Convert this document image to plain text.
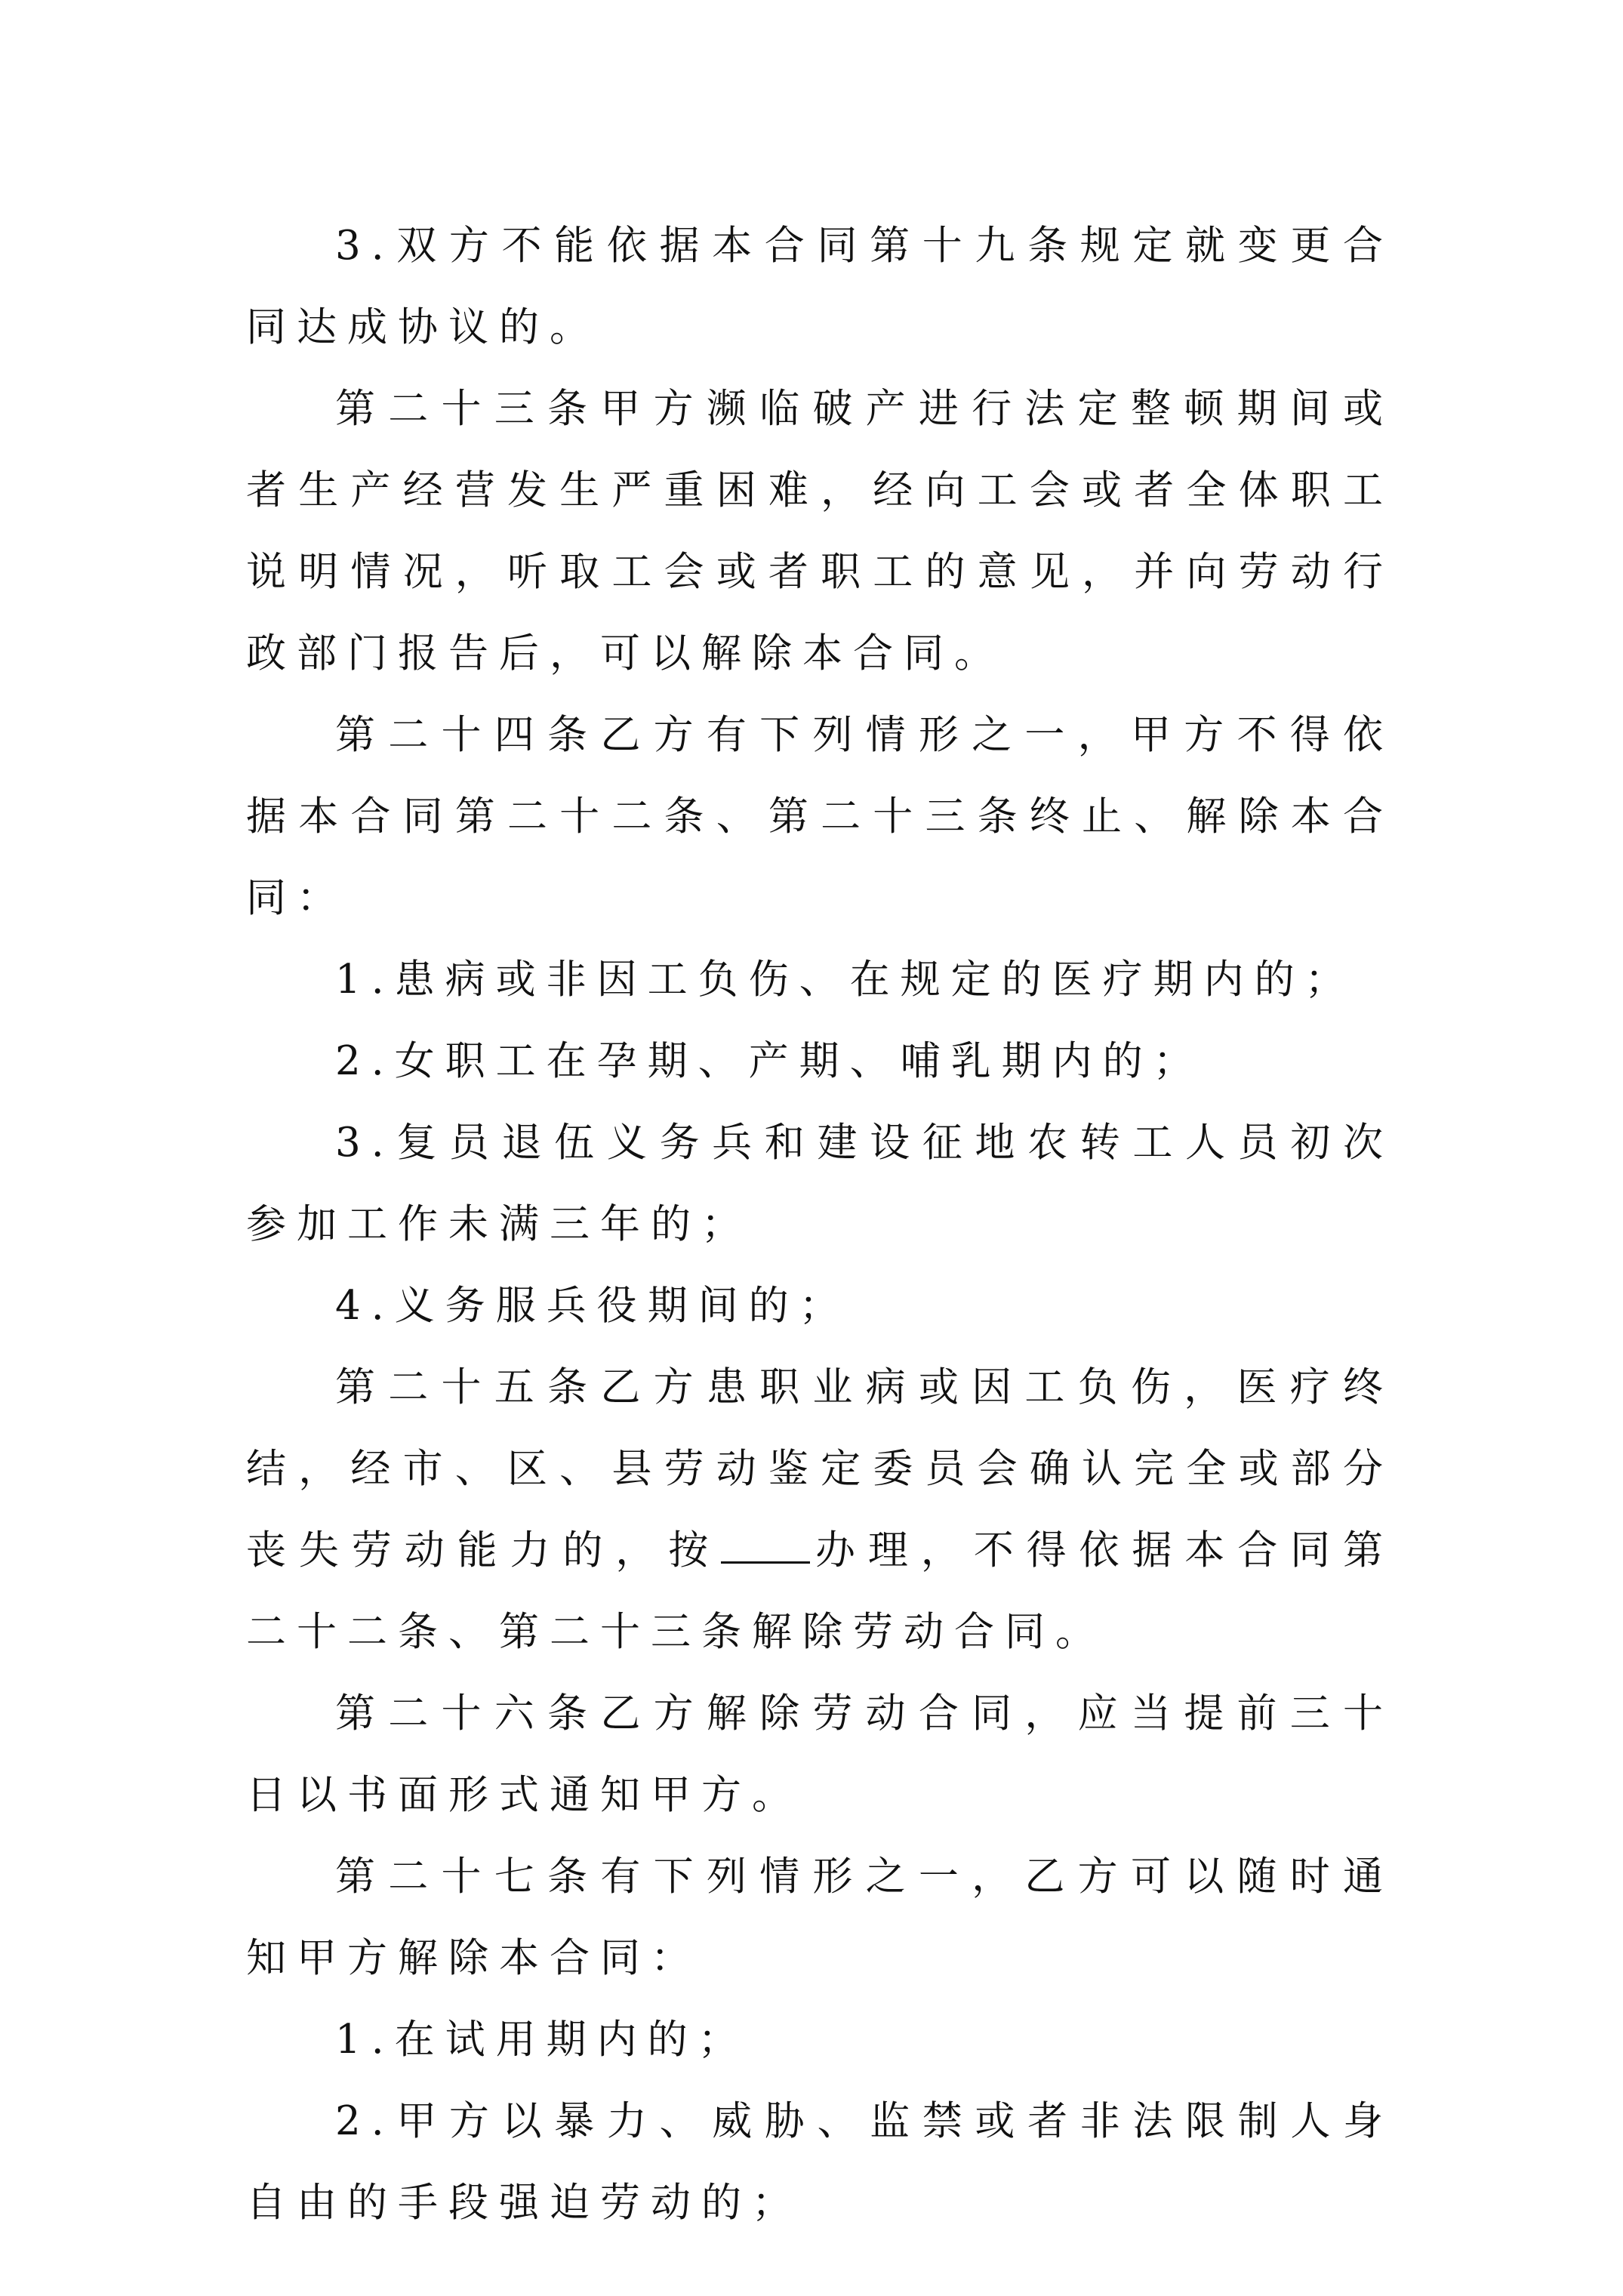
3.双方不能依据本合同第十九条规定就变更合同达成协议的。

第二十三条甲方濒临破产进行法定整顿期间或者生产经营发生严重困难，经向工会或者全体职工说明情况，听取工会或者职工的意见，并向劳动行政部门报告后，可以解除本合同。

第二十四条乙方有下列情形之一，甲方不得依据本合同第二十二条、第二十三条终止、解除本合同：

1.患病或非因工负伤、在规定的医疗期内的；

2.女职工在孕期、产期、哺乳期内的；

3.复员退伍义务兵和建设征地农转工人员初次参加工作未满三年的；

4.义务服兵役期间的；

第二十五条乙方患职业病或因工负伤，医疗终结，经市、区、县劳动鉴定委员会确认完全或部分丧失劳动能力的，按 办理，不得依据本合同第二十二条、第二十三条解除劳动合同。

第二十六条乙方解除劳动合同，应当提前三十日以书面形式通知甲方。

第二十七条有下列情形之一，乙方可以随时通知甲方解除本合同：

1.在试用期内的；

2.甲方以暴力、威胁、监禁或者非法限制人身自由的手段强迫劳动的；
